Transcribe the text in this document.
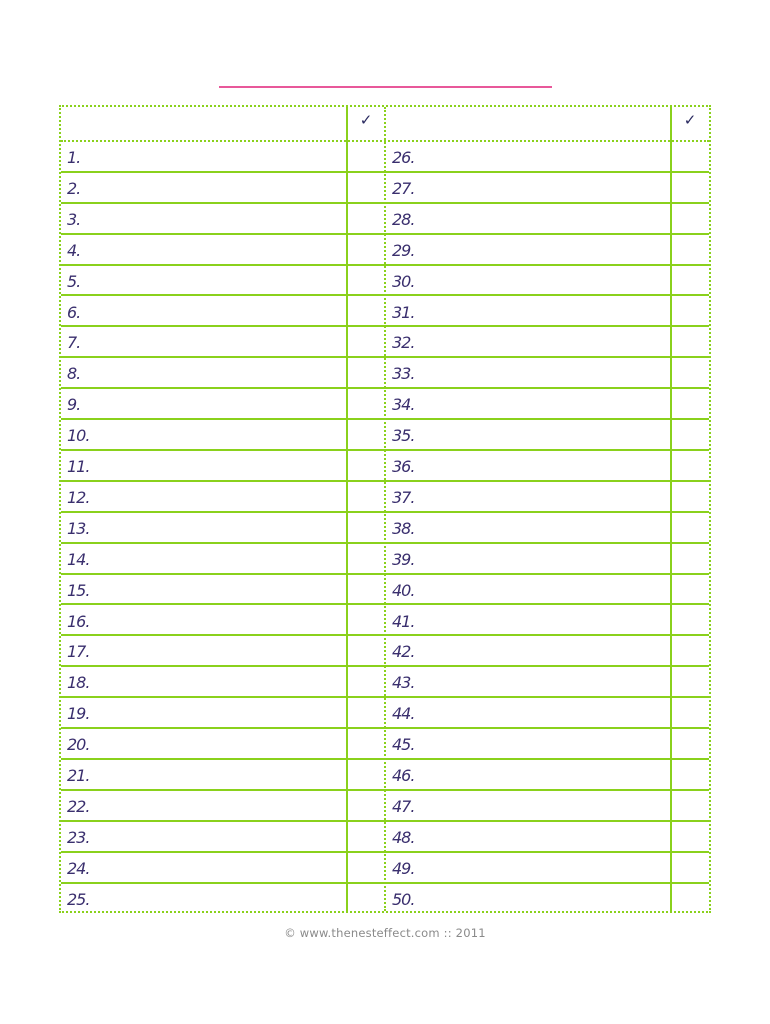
✓	✓
1.	26.
2.	27.
3.	28.
4.	29.
5.	30.
6.	31.
7.	32.
8.	33.
9.	34.
10.	35.
11.	36.
12.	37.
13.	38.
14.	39.
15.	40.
16.	41.
17.	42.
18.	43.
19.	44.
20.	45.
21.	46.
22.	47.
23.	48.
24.	49.
25.	50.
© www.thenesteffect.com :: 2011
